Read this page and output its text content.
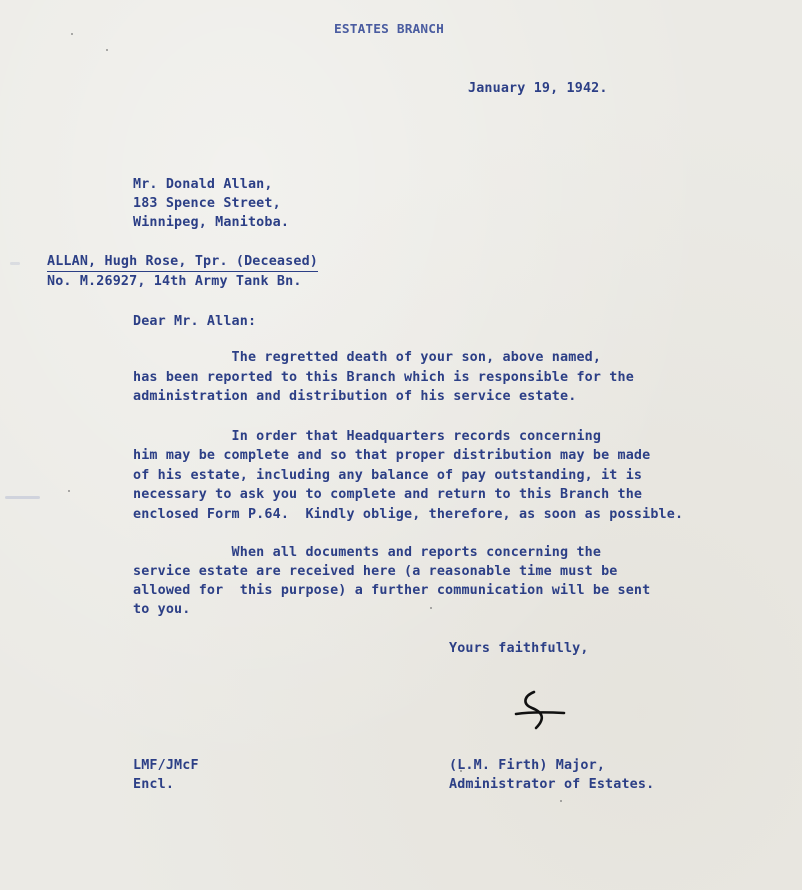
ESTATES BRANCH
January 19, 1942.
Mr. Donald Allan,
183 Spence Street,
Winnipeg, Manitoba.
ALLAN, Hugh Rose, Tpr. (Deceased)
No. M.26927, 14th Army Tank Bn.
Dear Mr. Allan:
The regretted death of your son, above named,
has been reported to this Branch which is responsible for the
administration and distribution of his service estate.
In order that Headquarters records concerning
him may be complete and so that proper distribution may be made
of his estate, including any balance of pay outstanding, it is
necessary to ask you to complete and return to this Branch the
enclosed Form P.64.  Kindly oblige, therefore, as soon as possible.
When all documents and reports concerning the
service estate are received here (a reasonable time must be
allowed for  this purpose) a further communication will be sent
to you.
Yours faithfully,
LMF/JMcF
Encl.
(L.M. Firth) Major,
Administrator of Estates.
